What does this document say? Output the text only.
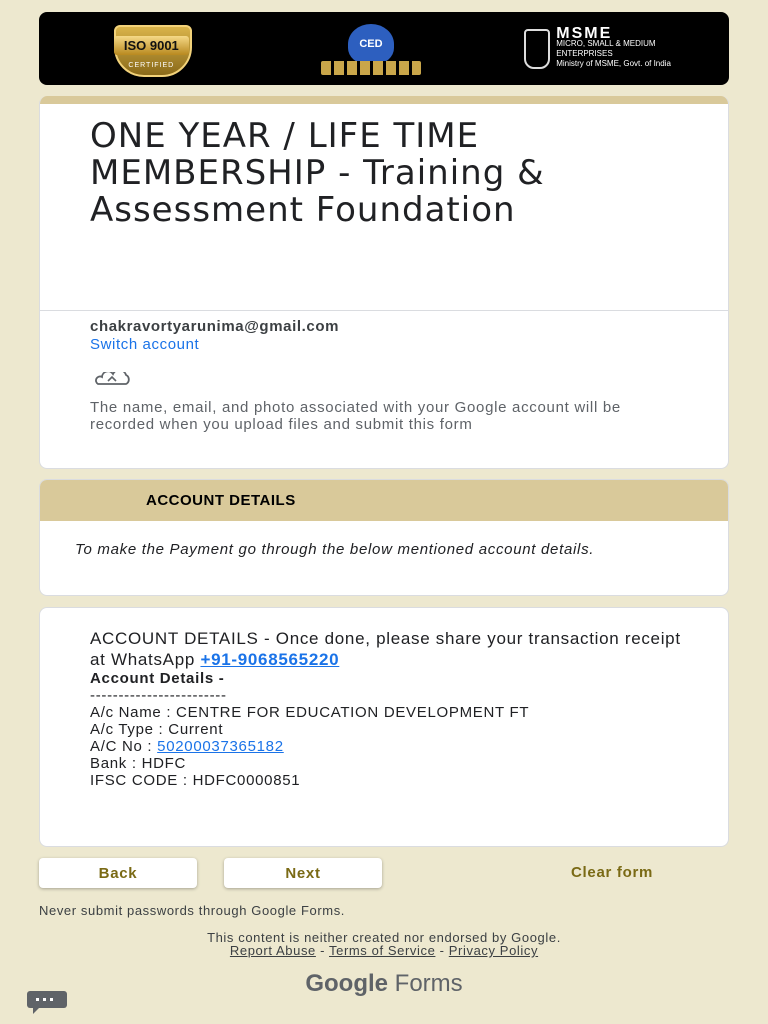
ISO 9001
CERTIFIED
CED
MSME
MICRO, SMALL & MEDIUM ENTERPRISES
Ministry of MSME, Govt. of India
ONE YEAR / LIFE TIME MEMBERSHIP - Training & Assessment Foundation
chakravortyarunima@gmail.com
Switch account
The name, email, and photo associated with your Google account will be recorded when you upload files and submit this form
ACCOUNT DETAILS
To make the Payment go through the below mentioned account details.
ACCOUNT DETAILS - Once done, please share your transaction receipt at WhatsApp +91-9068565220
Account Details -
------------------------
A/c Name : CENTRE FOR EDUCATION DEVELOPMENT FT
A/c Type : Current
A/C No : 50200037365182
Bank : HDFC
IFSC CODE : HDFC0000851
Back	Next	Clear form
Never submit passwords through Google Forms.
This content is neither created nor endorsed by Google.
Report Abuse - Terms of Service - Privacy Policy
Google Forms
